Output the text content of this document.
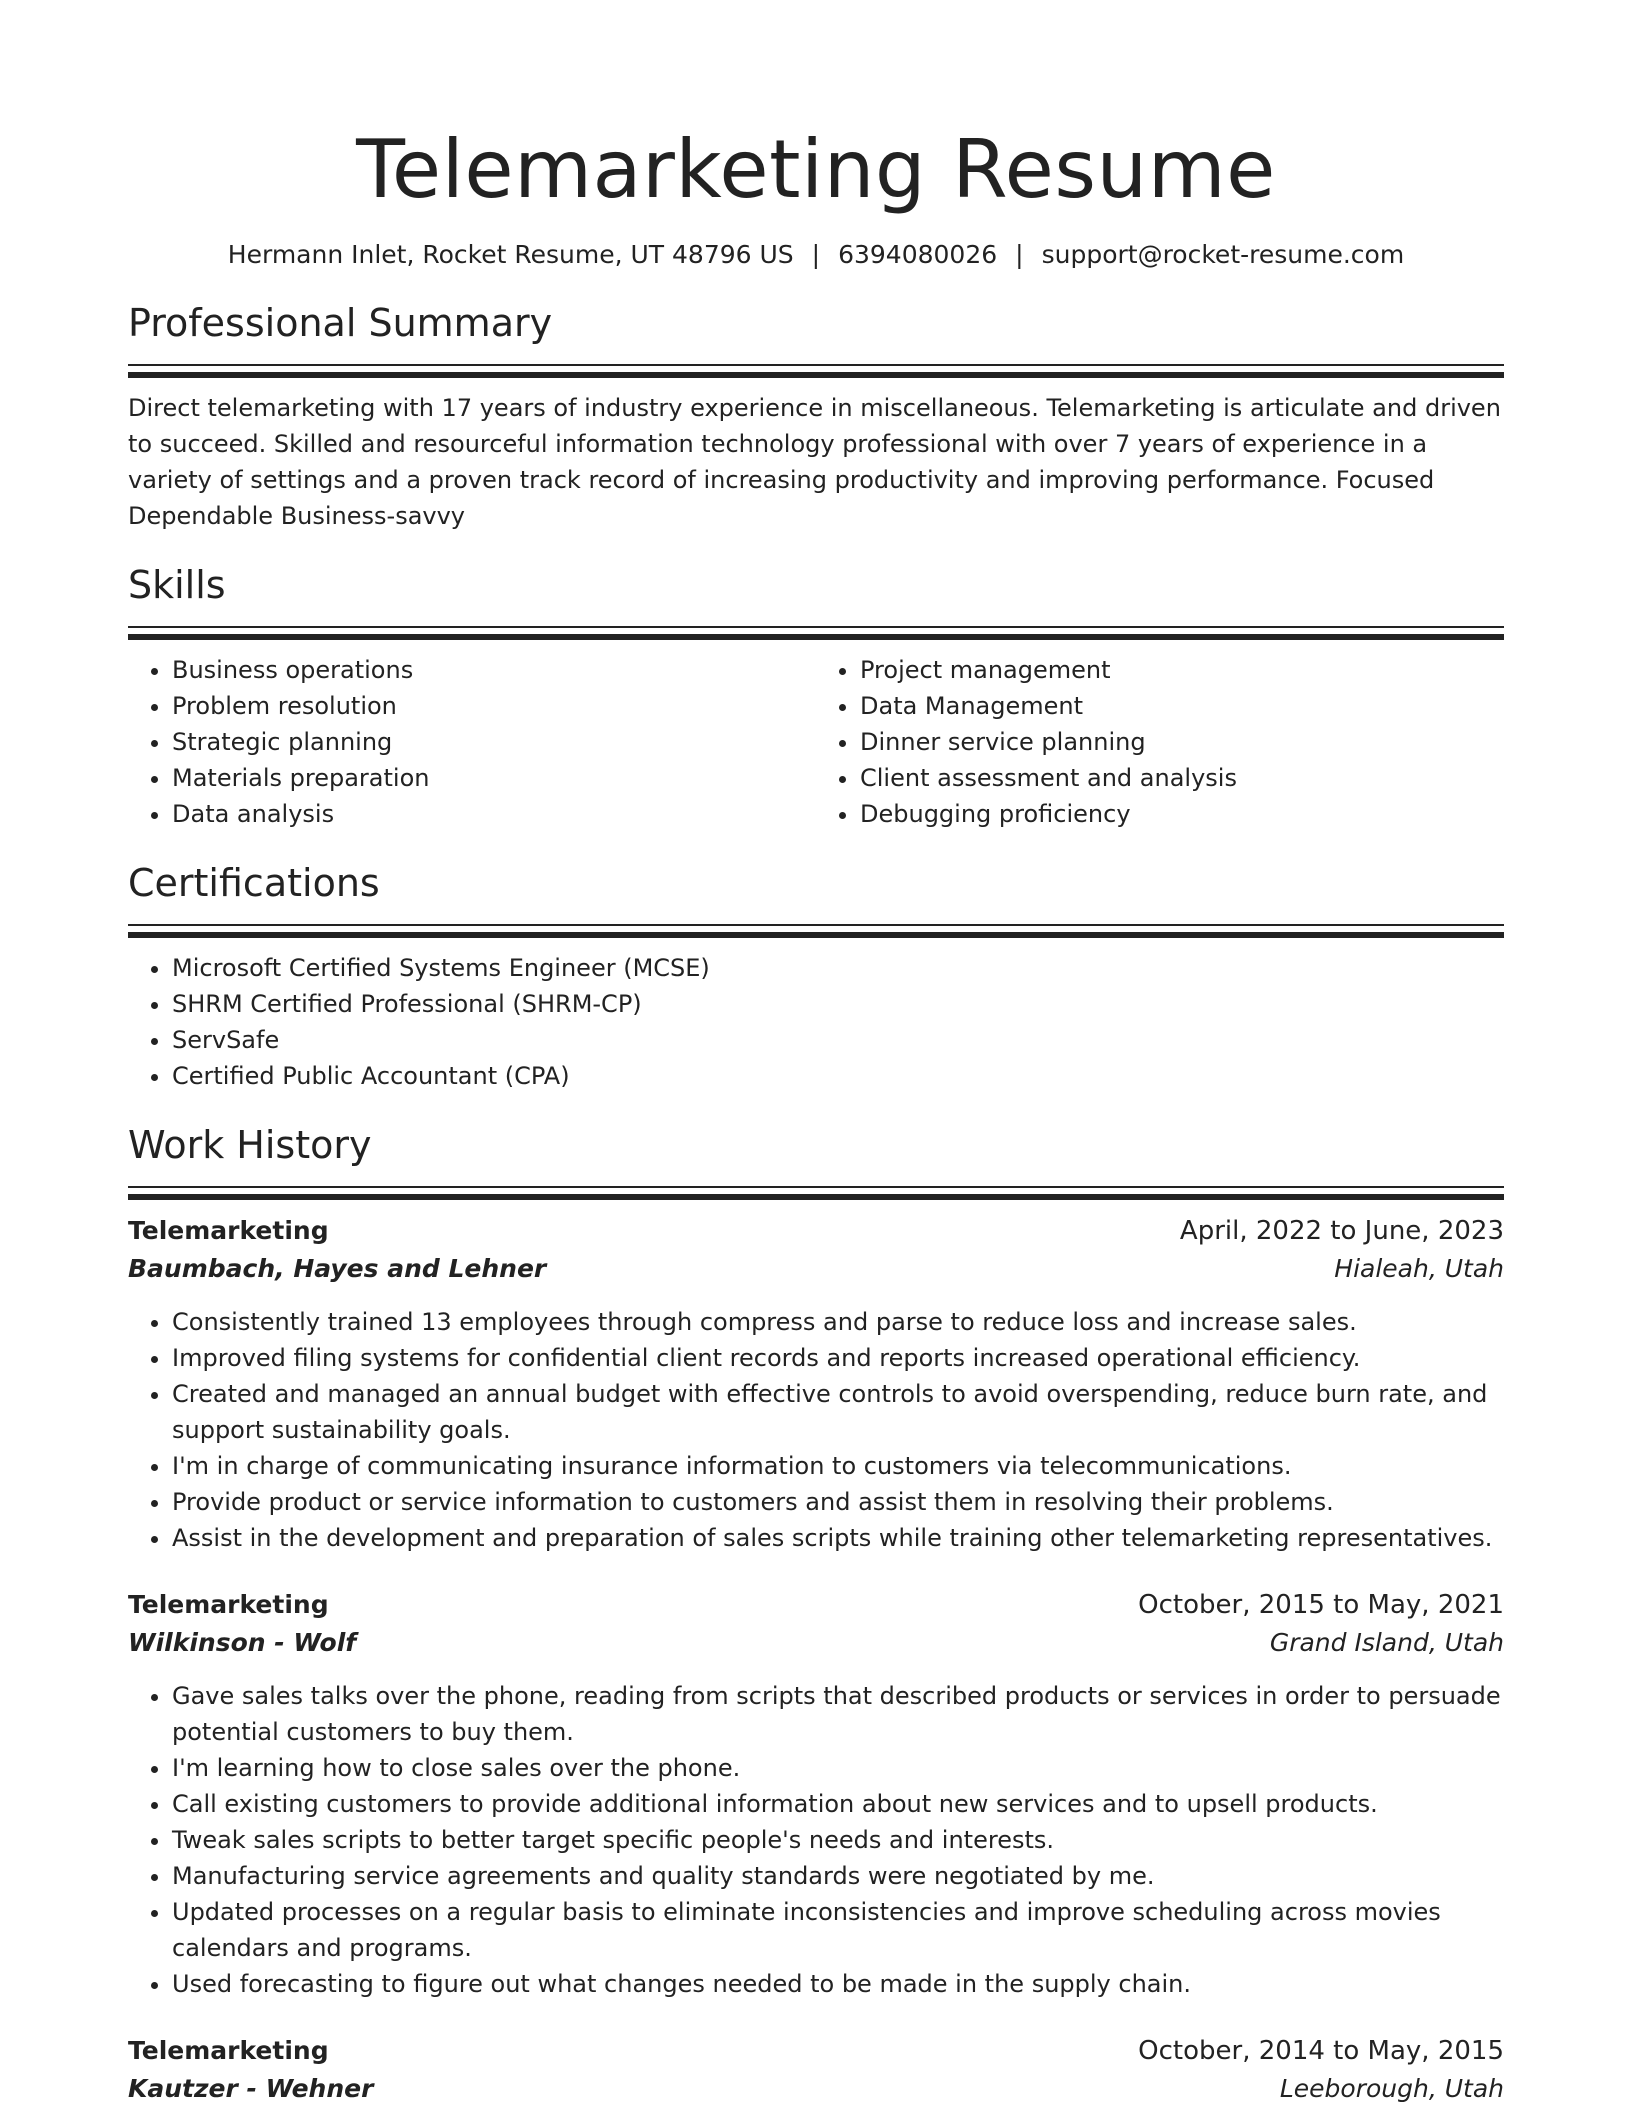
Telemarketing Resume
Hermann Inlet, Rocket Resume, UT 48796 US | 6394080026 | support@rocket-resume.com
Professional Summary
Direct telemarketing with 17 years of industry experience in miscellaneous. Telemarketing is articulate and driven to succeed. Skilled and resourceful information technology professional with over 7 years of experience in a variety of settings and a proven track record of increasing productivity and improving performance. Focused Dependable Business-savvy
Skills
• Business operations
• Problem resolution
• Strategic planning
• Materials preparation
• Data analysis
• Project management
• Data Management
• Dinner service planning
• Client assessment and analysis
• Debugging proficiency
Certifications
• Microsoft Certified Systems Engineer (MCSE)
• SHRM Certified Professional (SHRM-CP)
• ServSafe
• Certified Public Accountant (CPA)
Work History
Telemarketing	April, 2022 to June, 2023
Baumbach, Hayes and Lehner	Hialeah, Utah
• Consistently trained 13 employees through compress and parse to reduce loss and increase sales.
• Improved filing systems for confidential client records and reports increased operational efficiency.
• Created and managed an annual budget with effective controls to avoid overspending, reduce burn rate, and support sustainability goals.
• I'm in charge of communicating insurance information to customers via telecommunications.
• Provide product or service information to customers and assist them in resolving their problems.
• Assist in the development and preparation of sales scripts while training other telemarketing representatives.
Telemarketing	October, 2015 to May, 2021
Wilkinson - Wolf	Grand Island, Utah
• Gave sales talks over the phone, reading from scripts that described products or services in order to persuade potential customers to buy them.
• I'm learning how to close sales over the phone.
• Call existing customers to provide additional information about new services and to upsell products.
• Tweak sales scripts to better target specific people's needs and interests.
• Manufacturing service agreements and quality standards were negotiated by me.
• Updated processes on a regular basis to eliminate inconsistencies and improve scheduling across movies calendars and programs.
• Used forecasting to figure out what changes needed to be made in the supply chain.
Telemarketing	October, 2014 to May, 2015
Kautzer - Wehner	Leeborough, Utah
